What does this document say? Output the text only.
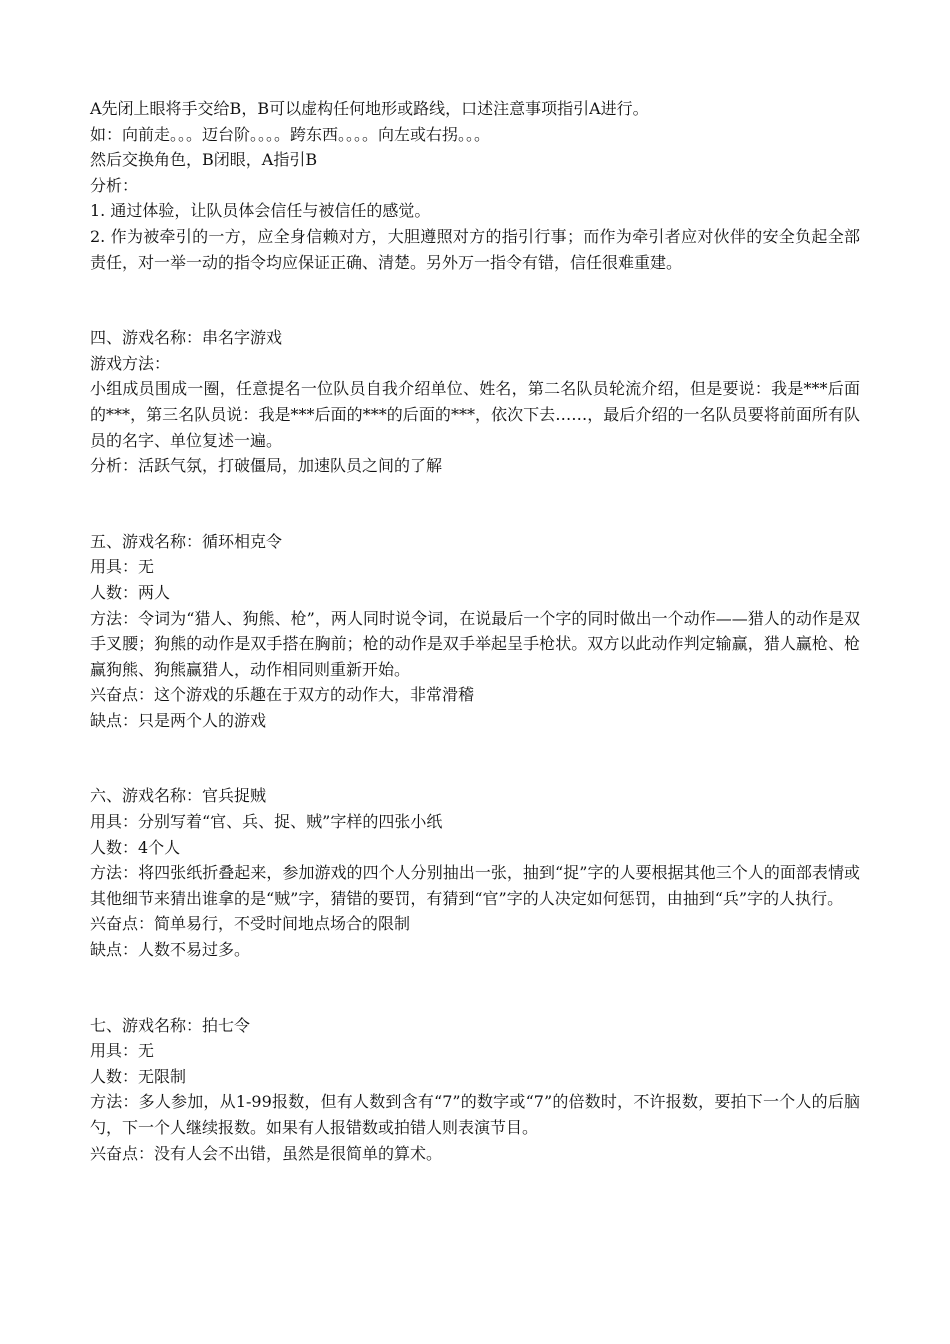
A先闭上眼将手交给B，B可以虚构任何地形或路线，口述注意事项指引A进行。

如：向前走。。。迈台阶。。。。跨东西。。。。向左或右拐。。。

然后交换角色，B闭眼，A指引B

分析：

1. 通过体验，让队员体会信任与被信任的感觉。

2. 作为被牵引的一方，应全身信赖对方，大胆遵照对方的指引行事；而作为牵引者应对伙伴的安全负起全部责任，对一举一动的指令均应保证正确、清楚。另外万一指令有错，信任很难重建。

四、游戏名称：串名字游戏

游戏方法：

小组成员围成一圈，任意提名一位队员自我介绍单位、姓名，第二名队员轮流介绍，但是要说：我是***后面的***，第三名队员说：我是***后面的***的后面的***，依次下去……，最后介绍的一名队员要将前面所有队员的名字、单位复述一遍。

分析：活跃气氛，打破僵局，加速队员之间的了解

五、游戏名称：循环相克令

用具：无

人数：两人

方法：令词为“猎人、狗熊、枪”，两人同时说令词，在说最后一个字的同时做出一个动作——猎人的动作是双手叉腰；狗熊的动作是双手搭在胸前；枪的动作是双手举起呈手枪状。双方以此动作判定输赢，猎人赢枪、枪赢狗熊、狗熊赢猎人，动作相同则重新开始。

兴奋点：这个游戏的乐趣在于双方的动作大，非常滑稽

缺点：只是两个人的游戏

六、游戏名称：官兵捉贼

用具：分别写着“官、兵、捉、贼”字样的四张小纸

人数：4个人

方法：将四张纸折叠起来，参加游戏的四个人分别抽出一张，抽到“捉”字的人要根据其他三个人的面部表情或其他细节来猜出谁拿的是“贼”字，猜错的要罚，有猜到“官”字的人决定如何惩罚，由抽到“兵”字的人执行。

兴奋点：简单易行，不受时间地点场合的限制

缺点：人数不易过多。

七、游戏名称：拍七令

用具：无

人数：无限制

方法：多人参加，从1-99报数，但有人数到含有“7”的数字或“7”的倍数时，不许报数，要拍下一个人的后脑勺，下一个人继续报数。如果有人报错数或拍错人则表演节目。

兴奋点：没有人会不出错，虽然是很简单的算术。
